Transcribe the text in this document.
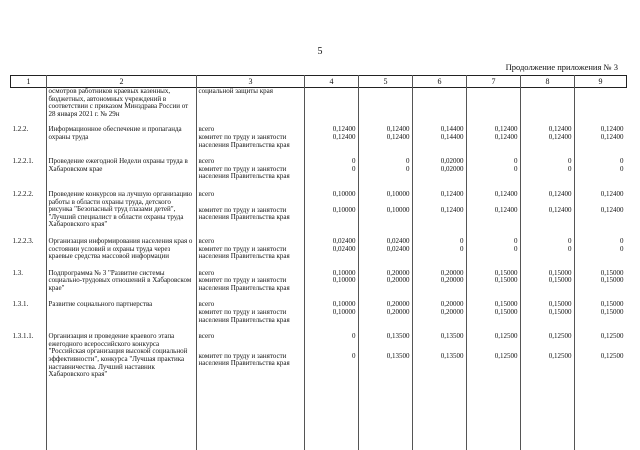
5
Продолжение приложения № 3
1	2	3	4	5	6	7	8	9
	осмотров работников краевых казенных, бюджетных, автономных учреждений в соответствии с приказом Минздрава России от 28 января 2021 г. № 29н	социальной защиты края						
1.2.2.	Информационное обеспечение и пропаганда охраны труда	всего	0,12400	0,12400	0,14400	0,12400	0,12400	0,12400
		комитет по труду и занятости населения Правительства края	0,12400	0,12400	0,14400	0,12400	0,12400	0,12400
1.2.2.1.	Проведение ежегодной Недели охраны труда в Хабаровском крае	всего	0	0	0,02000	0	0	0
		комитет по труду и занятости населения Правительства края	0	0	0,02000	0	0	0
1.2.2.2.	Проведение конкурсов на лучшую организацию работы в области охраны труда, детского рисунка "Безопасный труд глазами детей", "Лучший специалист в области охраны труда Хабаровского края"	всего	0,10000	0,10000	0,12400	0,12400	0,12400	0,12400
		комитет по труду и занятости населения Правительства края	0,10000	0,10000	0,12400	0,12400	0,12400	0,12400
1.2.2.3.	Организация информирования населения края о состоянии условий и охраны труда через краевые средства массовой информации	всего	0,02400	0,02400	0	0	0	0
		комитет по труду и занятости населения Правительства края	0,02400	0,02400	0	0	0	0
1.3.	Подпрограмма № 3 "Развитие системы социально-трудовых отношений в Хабаровском крае"	всего	0,10000	0,20000	0,20000	0,15000	0,15000	0,15000
		комитет по труду и занятости населения Правительства края	0,10000	0,20000	0,20000	0,15000	0,15000	0,15000
1.3.1.	Развитие социального партнерства	всего	0,10000	0,20000	0,20000	0,15000	0,15000	0,15000
		комитет по труду и занятости населения Правительства края	0,10000	0,20000	0,20000	0,15000	0,15000	0,15000
1.3.1.1.	Организация и проведение краевого этапа ежегодного всероссийского конкурса "Российская организация высокой социальной эффективности", конкурса "Лучшая практика наставничества. Лучший наставник Хабаровского края"	всего	0	0,13500	0,13500	0,12500	0,12500	0,12500
		комитет по труду и занятости населения Правительства края	0	0,13500	0,13500	0,12500	0,12500	0,12500
